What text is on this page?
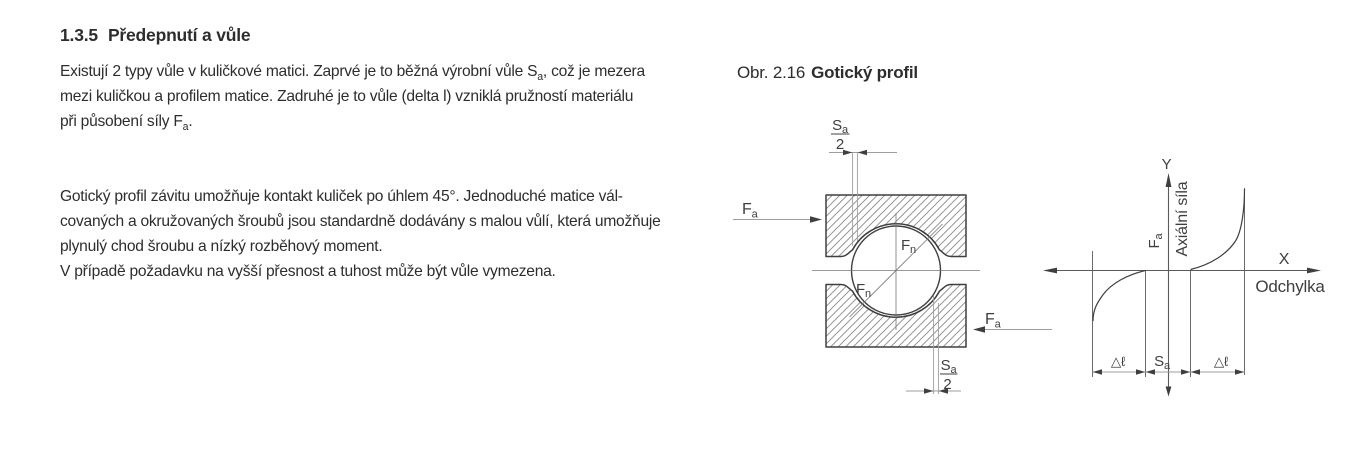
1.3.5 Předepnutí a vůle
Existují 2 typy vůle v kuličkové matici. Zaprvé je to běžná výrobní vůle $S_a$, což je mezera
mezi kuličkou a profilem matice. Zadruhé je to vůle (delta l) vzniklá pružností materiálu
při působení síly $F_a$.
Gotický profil závitu umožňuje kontakt kuliček po úhlem 45°. Jednoduché matice vál-
covaných a okružovaných šroubů jsou standardně dodávány s malou vůlí, která umožňuje
plynulý chod šroubu a nízký rozběhový moment.
V případě požadavku na vyšší přesnost a tuhost může být vůle vymezena.
Obr. 2.16 Gotický profil
$F_n$
$F_n$
$S_a$
2
$S_a$
2
$F_a$
$F_a$
X
Odchylka
Y
Axiální síla
$F_a$
△ℓ $S_a$	△ℓ
